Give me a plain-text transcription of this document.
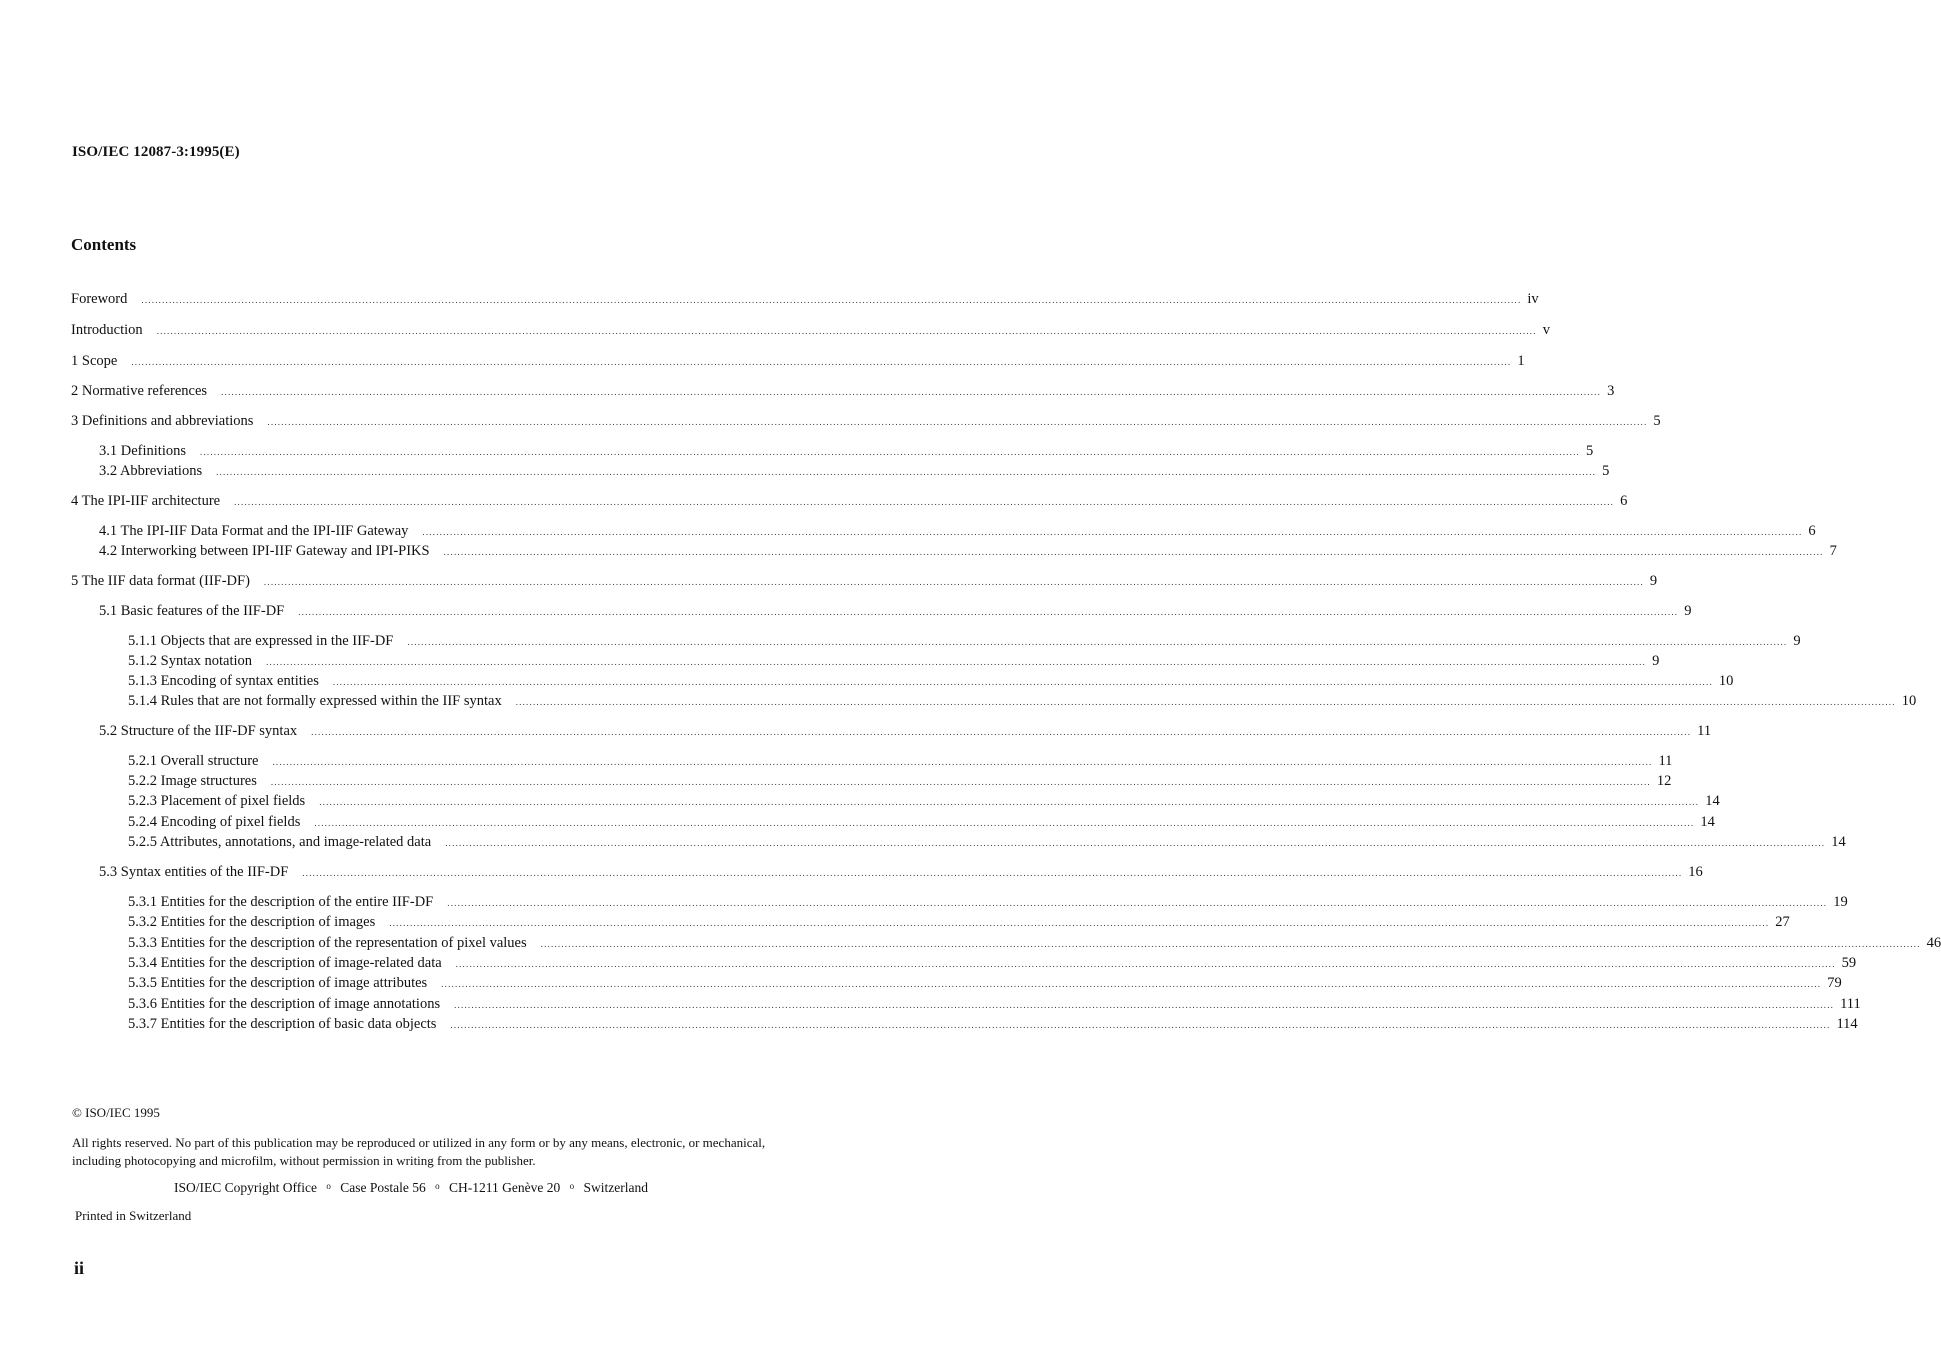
ISO/IEC 12087-3:1995(E)
Contents
Foreword ................................................................................................................................................................................................................................................................................................................................................................................................................ iv
Introduction ................................................................................................................................................................................................................................................................................................................................................................................................................ v
1 Scope ................................................................................................................................................................................................................................................................................................................................................................................................................ 1
2 Normative references ................................................................................................................................................................................................................................................................................................................................................................................................................ 3
3 Definitions and abbreviations ................................................................................................................................................................................................................................................................................................................................................................................................................ 5
3.1 Definitions ................................................................................................................................................................................................................................................................................................................................................................................................................ 5
3.2 Abbreviations ................................................................................................................................................................................................................................................................................................................................................................................................................ 5
4 The IPI-IIF architecture ................................................................................................................................................................................................................................................................................................................................................................................................................ 6
4.1 The IPI-IIF Data Format and the IPI-IIF Gateway ................................................................................................................................................................................................................................................................................................................................................................................................................ 6
4.2 Interworking between IPI-IIF Gateway and IPI-PIKS ................................................................................................................................................................................................................................................................................................................................................................................................................ 7
5 The IIF data format (IIF-DF) ................................................................................................................................................................................................................................................................................................................................................................................................................ 9
5.1 Basic features of the IIF-DF ................................................................................................................................................................................................................................................................................................................................................................................................................ 9
5.1.1 Objects that are expressed in the IIF-DF ................................................................................................................................................................................................................................................................................................................................................................................................................ 9
5.1.2 Syntax notation ................................................................................................................................................................................................................................................................................................................................................................................................................ 9
5.1.3 Encoding of syntax entities ................................................................................................................................................................................................................................................................................................................................................................................................................ 10
5.1.4 Rules that are not formally expressed within the IIF syntax ................................................................................................................................................................................................................................................................................................................................................................................................................ 10
5.2 Structure of the IIF-DF syntax ................................................................................................................................................................................................................................................................................................................................................................................................................ 11
5.2.1 Overall structure ................................................................................................................................................................................................................................................................................................................................................................................................................ 11
5.2.2 Image structures ................................................................................................................................................................................................................................................................................................................................................................................................................ 12
5.2.3 Placement of pixel fields ................................................................................................................................................................................................................................................................................................................................................................................................................ 14
5.2.4 Encoding of pixel fields ................................................................................................................................................................................................................................................................................................................................................................................................................ 14
5.2.5 Attributes, annotations, and image-related data ................................................................................................................................................................................................................................................................................................................................................................................................................ 14
5.3 Syntax entities of the IIF-DF ................................................................................................................................................................................................................................................................................................................................................................................................................ 16
5.3.1 Entities for the description of the entire IIF-DF ................................................................................................................................................................................................................................................................................................................................................................................................................ 19
5.3.2 Entities for the description of images ................................................................................................................................................................................................................................................................................................................................................................................................................ 27
5.3.3 Entities for the description of the representation of pixel values ................................................................................................................................................................................................................................................................................................................................................................................................................ 46
5.3.4 Entities for the description of image-related data ................................................................................................................................................................................................................................................................................................................................................................................................................ 59
5.3.5 Entities for the description of image attributes ................................................................................................................................................................................................................................................................................................................................................................................................................ 79
5.3.6 Entities for the description of image annotations ................................................................................................................................................................................................................................................................................................................................................................................................................ 111
5.3.7 Entities for the description of basic data objects ................................................................................................................................................................................................................................................................................................................................................................................................................ 114
© ISO/IEC 1995
All rights reserved. No part of this publication may be reproduced or utilized in any form or by any means, electronic, or mechanical, including photocopying and microfilm, without permission in writing from the publisher.
ISO/IEC Copyright Office $^o$ Case Postale 56 $^o$ CH-1211 Genève 20 $^o$ Switzerland
Printed in Switzerland
ii
